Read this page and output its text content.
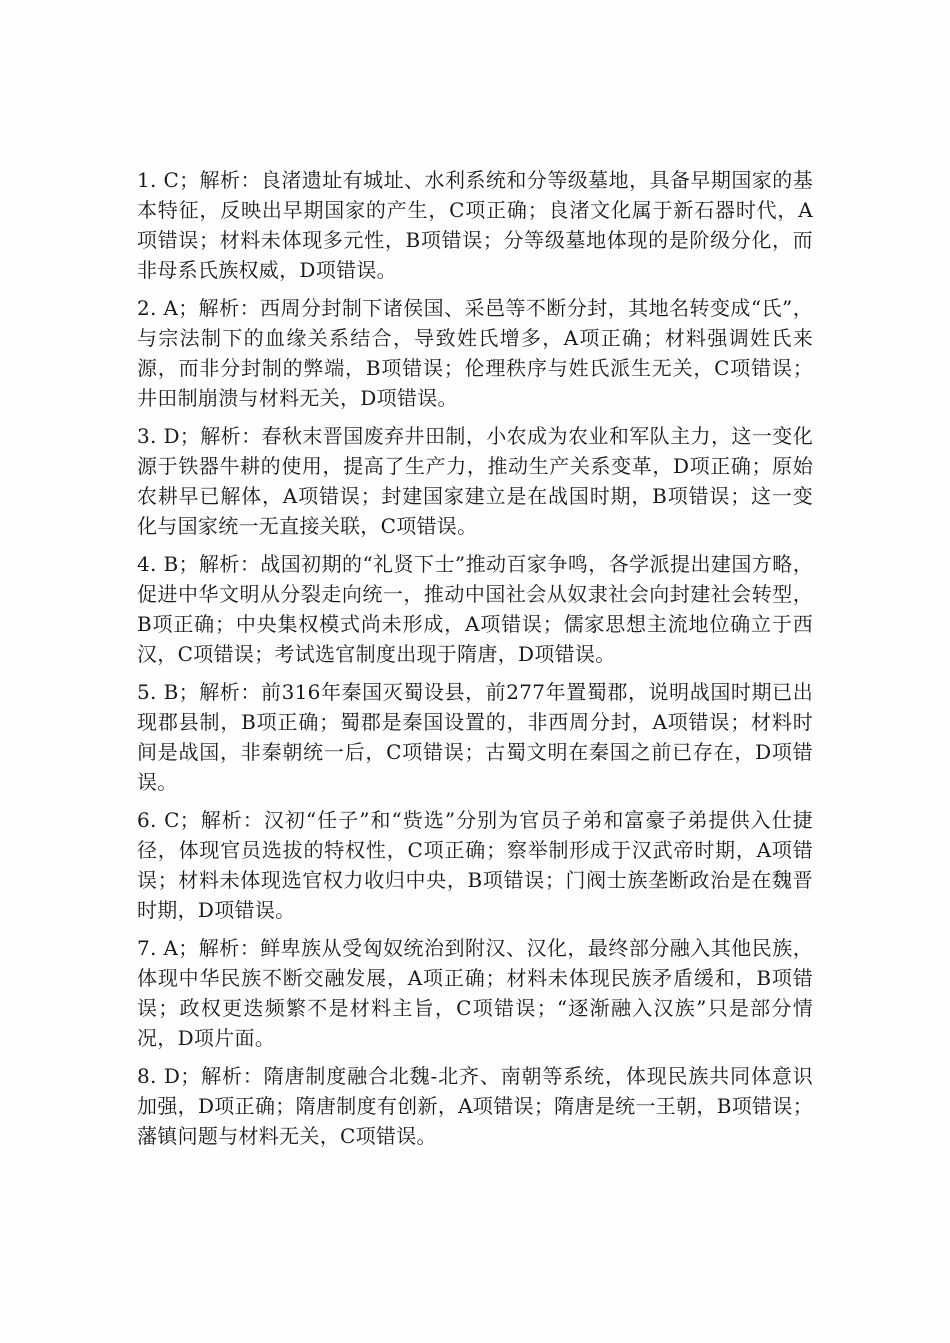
1. C；解析：良渚遗址有城址、水利系统和分等级墓地，具备早期国家的基本特征，反映出早期国家的产生，C项正确；良渚文化属于新石器时代，A项错误；材料未体现多元性，B项错误；分等级墓地体现的是阶级分化，而非母系氏族权威，D项错误。

2. A；解析：西周分封制下诸侯国、采邑等不断分封，其地名转变成“氏”，与宗法制下的血缘关系结合，导致姓氏增多，A项正确；材料强调姓氏来源，而非分封制的弊端，B项错误；伦理秩序与姓氏派生无关，C项错误；井田制崩溃与材料无关，D项错误。

3. D；解析：春秋末晋国废弃井田制，小农成为农业和军队主力，这一变化源于铁器牛耕的使用，提高了生产力，推动生产关系变革，D项正确；原始农耕早已解体，A项错误；封建国家建立是在战国时期，B项错误；这一变化与国家统一无直接关联，C项错误。

4. B；解析：战国初期的“礼贤下士”推动百家争鸣，各学派提出建国方略，促进中华文明从分裂走向统一，推动中国社会从奴隶社会向封建社会转型，B项正确；中央集权模式尚未形成，A项错误；儒家思想主流地位确立于西汉，C项错误；考试选官制度出现于隋唐，D项错误。

5. B；解析：前316年秦国灭蜀设县，前277年置蜀郡，说明战国时期已出现郡县制，B项正确；蜀郡是秦国设置的，非西周分封，A项错误；材料时间是战国，非秦朝统一后，C项错误；古蜀文明在秦国之前已存在，D项错误。

6. C；解析：汉初“任子”和“赀选”分别为官员子弟和富豪子弟提供入仕捷径，体现官员选拔的特权性，C项正确；察举制形成于汉武帝时期，A项错误；材料未体现选官权力收归中央，B项错误；门阀士族垄断政治是在魏晋时期，D项错误。

7. A；解析：鲜卑族从受匈奴统治到附汉、汉化，最终部分融入其他民族，体现中华民族不断交融发展，A项正确；材料未体现民族矛盾缓和，B项错误；政权更迭频繁不是材料主旨，C项错误；“逐渐融入汉族”只是部分情况，D项片面。

8. D；解析：隋唐制度融合北魏-北齐、南朝等系统，体现民族共同体意识加强，D项正确；隋唐制度有创新，A项错误；隋唐是统一王朝，B项错误；藩镇问题与材料无关，C项错误。
